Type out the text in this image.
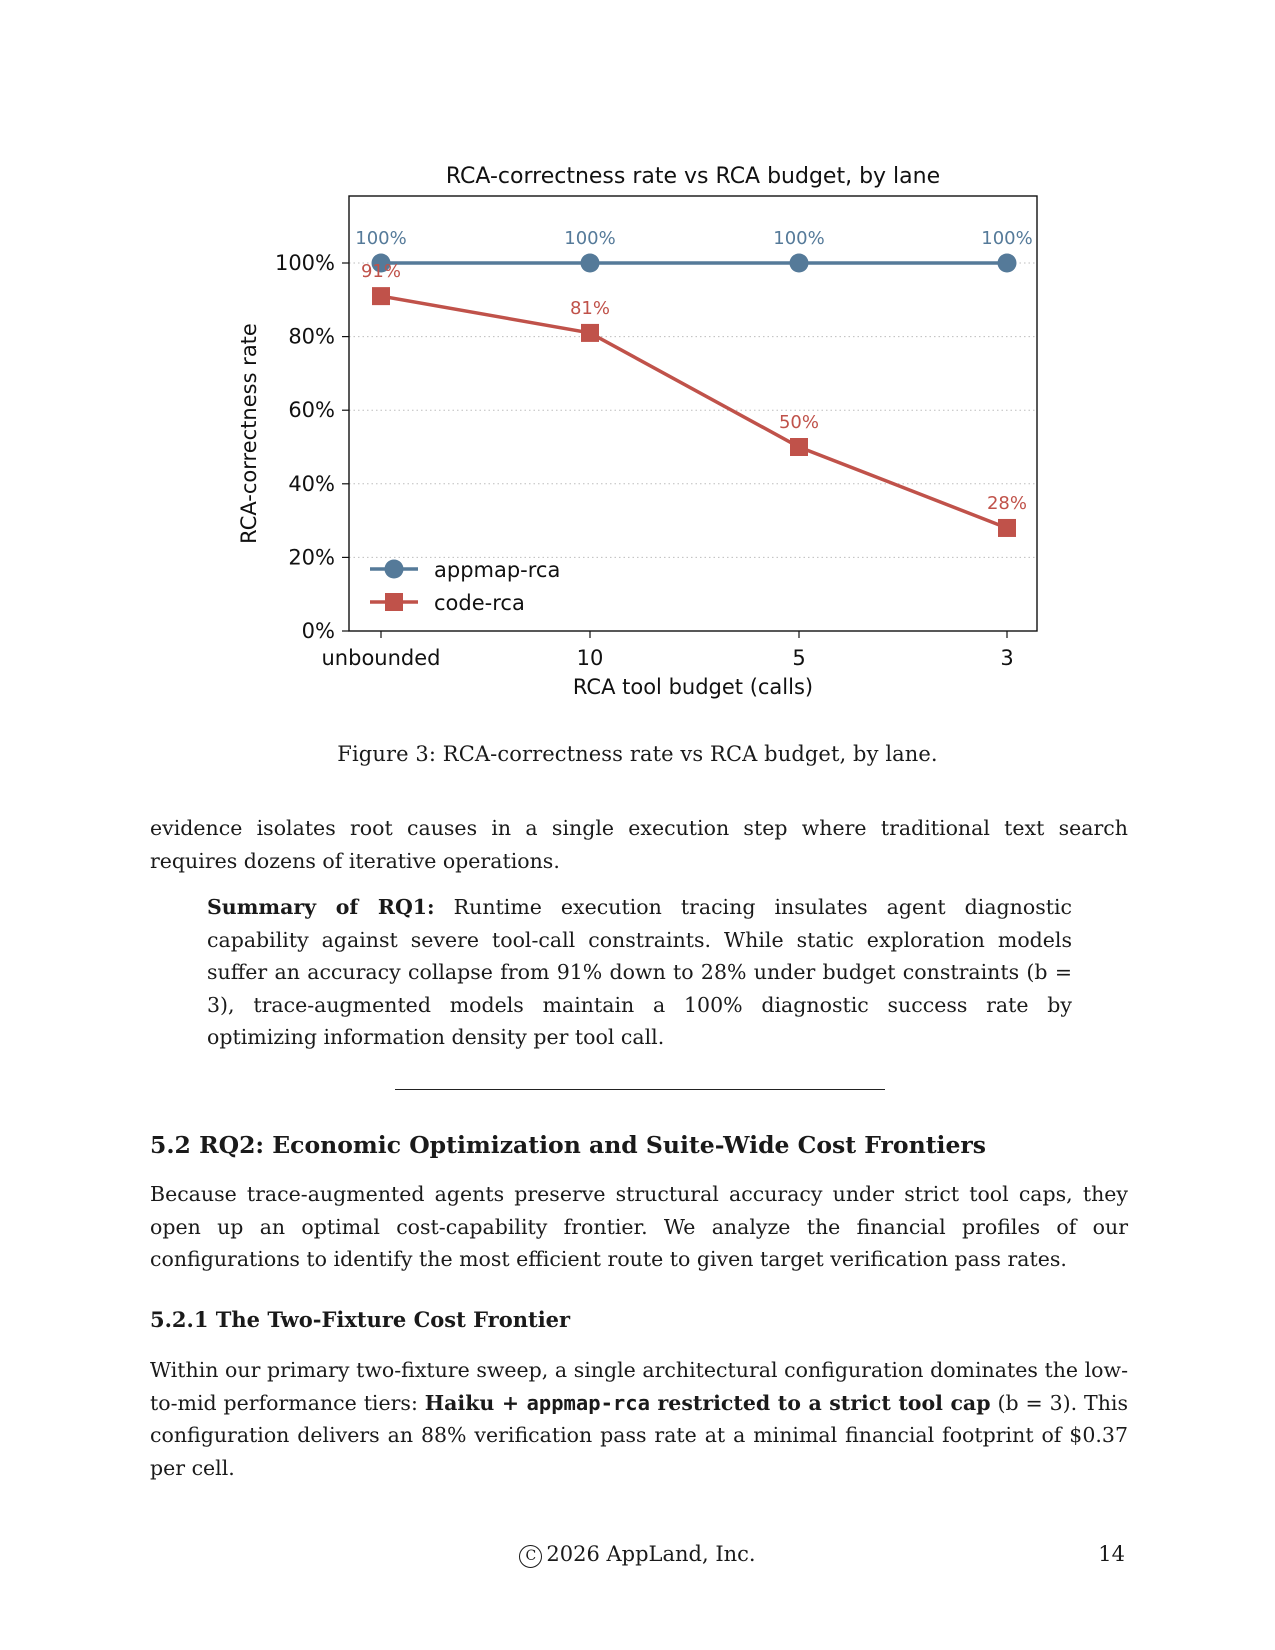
RCA-correctness rate vs RCA budget, by lane
0%
20%
40%
60%
80%
100%
unbounded	10	5	3
RCA tool budget (calls)
RCA-correctness rate
100%	100%	100%	100%
91%
81%
50%
28%
appmap-rca
code-rca
Figure 3: RCA-correctness rate vs RCA budget, by lane.

evidence isolates root causes in a single execution step where traditional text search requires dozens of iterative operations.

Summary of RQ1: Runtime execution tracing insulates agent diagnostic capability against severe tool-call constraints. While static exploration models suffer an accuracy collapse from 91% down to 28% under budget constraints (b = 3), trace-augmented models maintain a 100% diagnostic success rate by optimizing information density per tool call.

5.2 RQ2: Economic Optimization and Suite-Wide Cost Frontiers

Because trace-augmented agents preserve structural accuracy under strict tool caps, they open up an optimal cost-capability frontier. We analyze the financial profiles of our configurations to identify the most efficient route to given target verification pass rates.

5.2.1 The Two-Fixture Cost Frontier

Within our primary two-fixture sweep, a single architectural configuration dominates the low-to-mid performance tiers: Haiku + appmap-rca restricted to a strict tool cap (b = 3). This configuration delivers an 88% verification pass rate at a minimal financial footprint of $0.37 per cell.

C 2026 AppLand, Inc.	14
